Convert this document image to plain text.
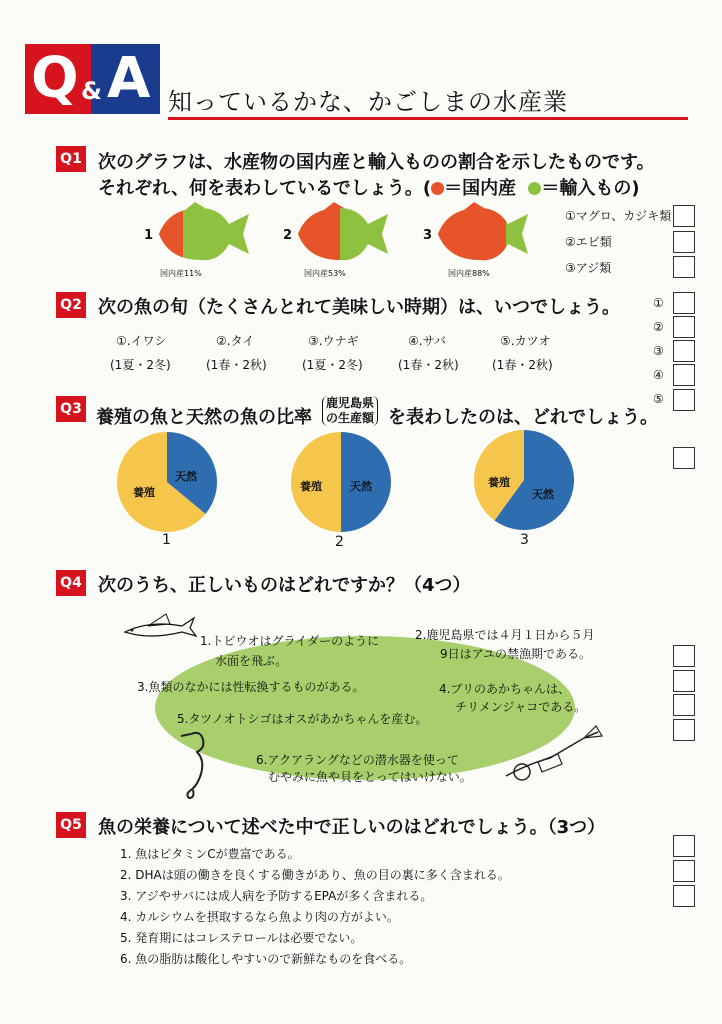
Q & A 知っているかな、かごしまの水産業
Q1 次のグラフは、水産物の国内産と輸入ものの割合を示したものです。
それぞれ、何を表わしているでしょう。( ＝国内産 ＝輸入もの)
1	2	3
国内産11%	国内産53%	国内産88%
①マグロ、カジキ類
②エビ類
③アジ類
Q2 次の魚の旬（たくさんとれて美味しい時期）は、いつでしょう。
①.イワシ	②.タイ	③.ウナギ	④.サバ	⑤.カツオ
(1夏・2冬)	(1春・2秋)	(1夏・2冬)	(1春・2秋)	(1春・2秋)
①
②
③
④
⑤
Q3 養殖の魚と天然の魚の比率
鹿児島県
の生産額 を表わしたのは、どれでしょう。
養殖
天然
養殖	天然	養殖
天然
1	2	3
Q4 次のうち、正しいものはどれですか？（4つ）
1.トビウオはグライダーのように
水面を飛ぶ。
2.鹿児島県では４月１日から５月
9日はアユの禁漁期である。
3.魚類のなかには性転換するものがある。	4.ブリのあかちゃんは、
チリメンジャコである。
5.タツノオトシゴはオスがあかちゃんを産む。
6.アクアラングなどの潜水器を使って
むやみに魚や貝をとってはいけない。
Q5 魚の栄養について述べた中で正しいのはどれでしょう。（3つ）
1. 魚はビタミンCが豊富である。
2. DHAは頭の働きを良くする働きがあり、魚の目の裏に多く含まれる。
3. アジやサバには成人病を予防するEPAが多く含まれる。
4. カルシウムを摂取するなら魚より肉の方がよい。
5. 発育期にはコレステロールは必要でない。
6. 魚の脂肪は酸化しやすいので新鮮なものを食べる。
